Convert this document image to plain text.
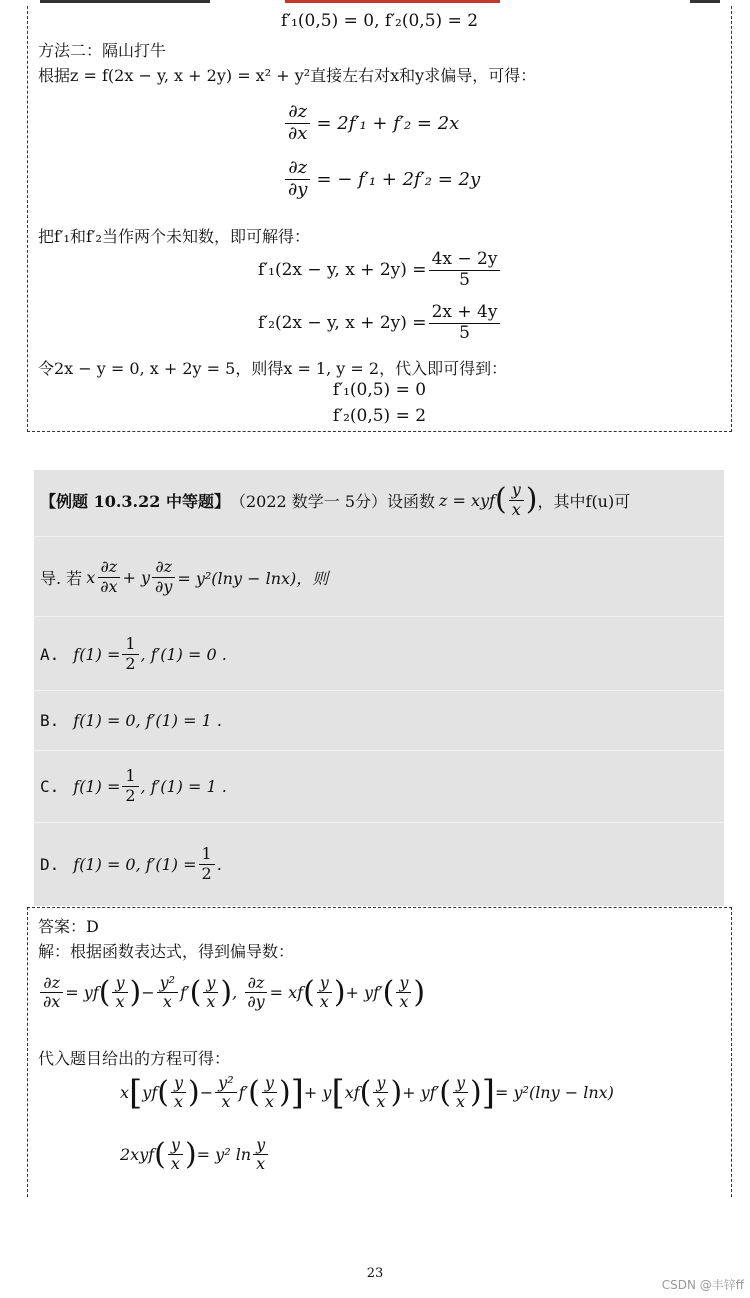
f′₁(0,5) = 0, f′₂(0,5) = 2
方法二：隔山打牛
根据z = f(2x − y, x + 2y) = x² + y²直接左右对x和y求偏导，可得：
$\frac{\partial z}{\partial x} = 2f'_1 + f'_2 = 2x$
$\frac{\partial z}{\partial y}$ = − f′₁ + 2f′₂ = 2y
把f′₁和f′₂当作两个未知数，即可解得：
f′₁(2x − y, $x + 2y) = \frac{4x - 2y}{5}$
f′₂(2x − y, $x + 2y) = \frac{2x + 4y}{5}$
令2x − y = 0, x + 2y = 5，则得x = 1, y = 2，代入即可得到：
f′₁(0,5) = 0
f′₂(0,5) = 2
【例题 10.3.22 中等题】 （2022 数学一 5分）设函数 z = xyf ( $\frac{y}{x}$ ) ，其中f(u)可
导. 若 x $\frac{\partial z}{\partial x} + y \frac{\partial z}{\partial y} = y^2(\ln y - \ln x)$，则
A. $f(1) = \frac{1}{2}$ , f′(1) = 0 .
B. f(1) = 0, f′(1) = 1 .
C. $f(1) = \frac{1}{2}$ , f′(1) = 1 .
D. f(1) = 0, $f'(1) = \frac{1}{2}$ .
答案：D
解：根据函数表达式，得到偏导数：
$\frac{\partial z}{\partial x}$ = yf ( $\frac{y}{x}$ ) − $\frac{\text{y²}}{x} f'$ ( $\frac{y}{x}$ ) , $\frac{\partial z}{\partial y}$ = xf ( $\frac{y}{x}$ ) + yf′ ( $\frac{y}{x}$ )
代入题目给出的方程可得：
x [ yf ( $\frac{y}{x}$ ) − $\frac{\text{y²}}{x} f'$ ( $\frac{y}{x}$ ) ] + y [ xf ( $\frac{y}{x}$ ) + yf′ ( $\frac{y}{x}$ ) ] = y²(lny − lnx)
2xyf ( $\frac{y}{x}$ ) = y² $\ln \frac{y}{x}$
23
CSDN @丰锌ff
